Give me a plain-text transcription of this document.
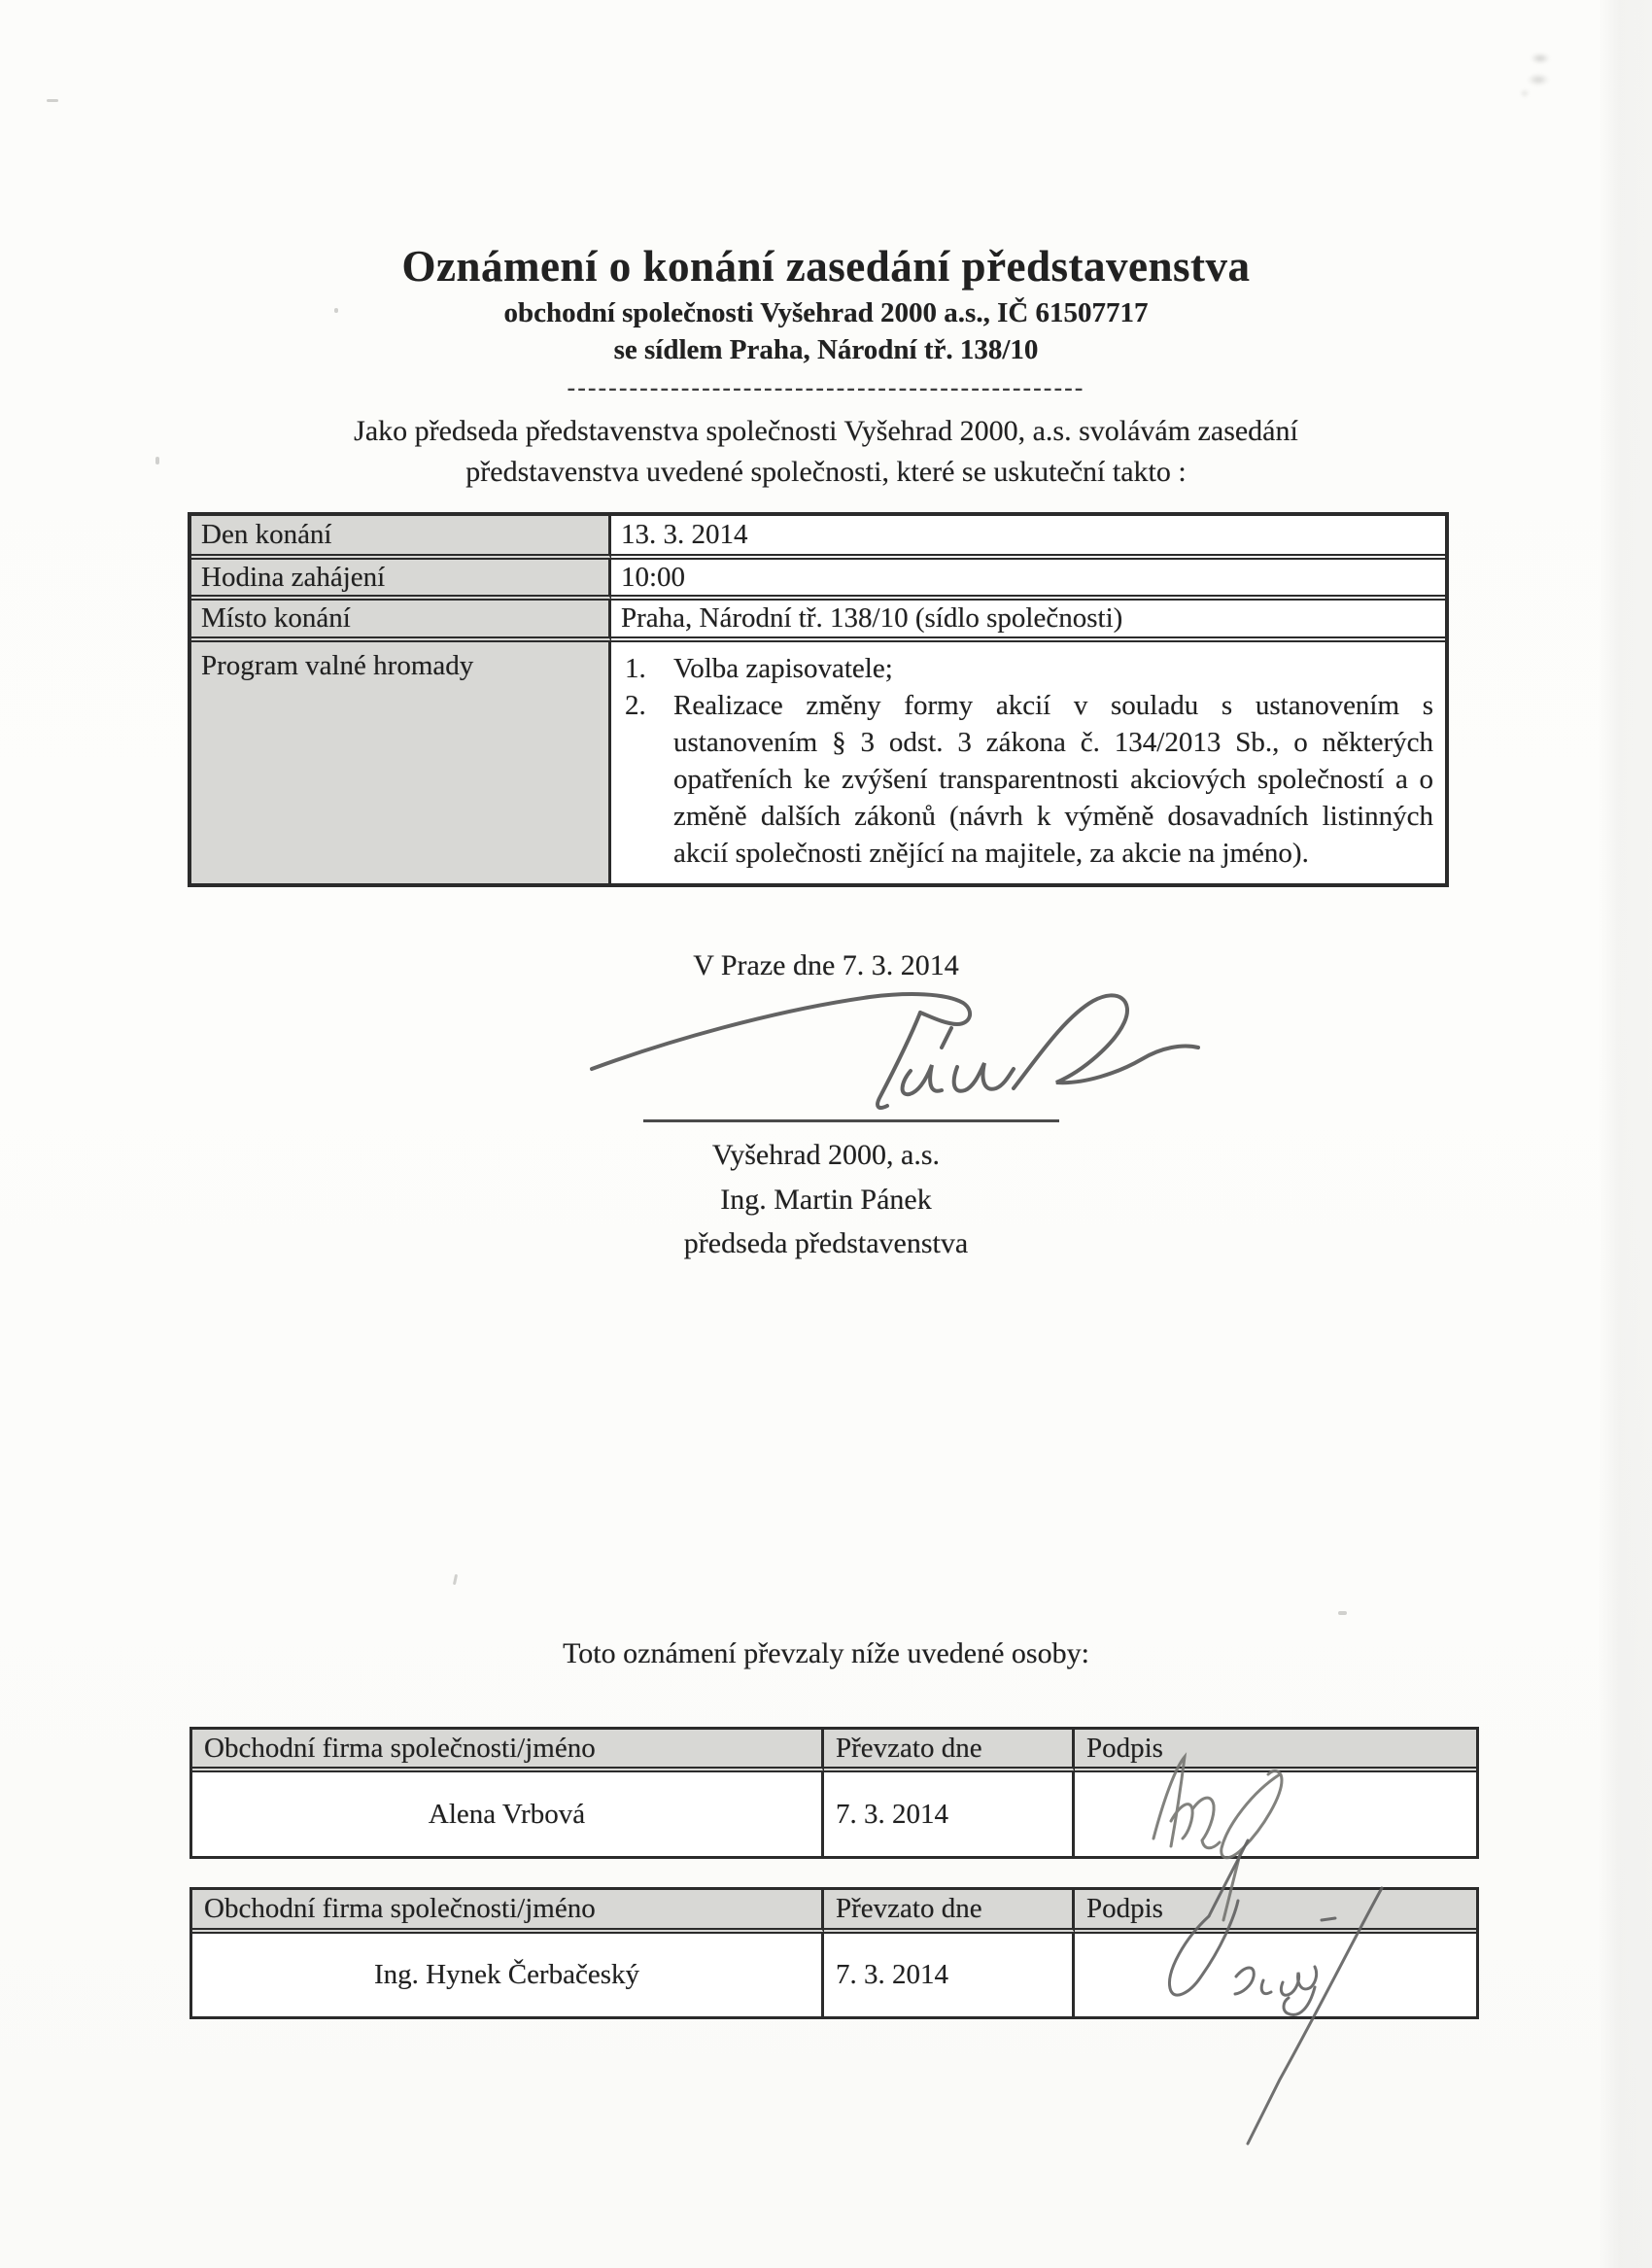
Oznámení o konání zasedání představenstva
obchodní společnosti Vyšehrad 2000 a.s., IČ 61507717
se sídlem Praha, Národní tř. 138/10
--------------------------------------------------
Jako předseda představenstva společnosti Vyšehrad 2000, a.s. svolávám zasedání
představenstva uvedené společnosti, které se uskuteční takto :
Den konání	13. 3. 2014
Hodina zahájení	10:00
Místo konání	Praha, Národní tř. 138/10 (sídlo společnosti)
Program valné hromady	1. Volba zapisovatele;
2. Realizace změny formy akcií v souladu s ustanovením s ustanovením § 3 odst. 3 zákona č. 134/2013 Sb., o některých opatřeních ke zvýšení transparentnosti akciových společností a o změně dalších zákonů (návrh k výměně dosavadních listinných akcií společnosti znějící na majitele, za akcie na jméno).
V Praze dne 7. 3. 2014
Vyšehrad 2000, a.s.
Ing. Martin Pánek
předseda představenstva
Toto oznámení převzaly níže uvedené osoby:
Obchodní firma společnosti/jméno	Převzato dne	Podpis
Alena Vrbová	7. 3. 2014
Obchodní firma společnosti/jméno	Převzato dne	Podpis
Ing. Hynek Čerbačeský	7. 3. 2014
